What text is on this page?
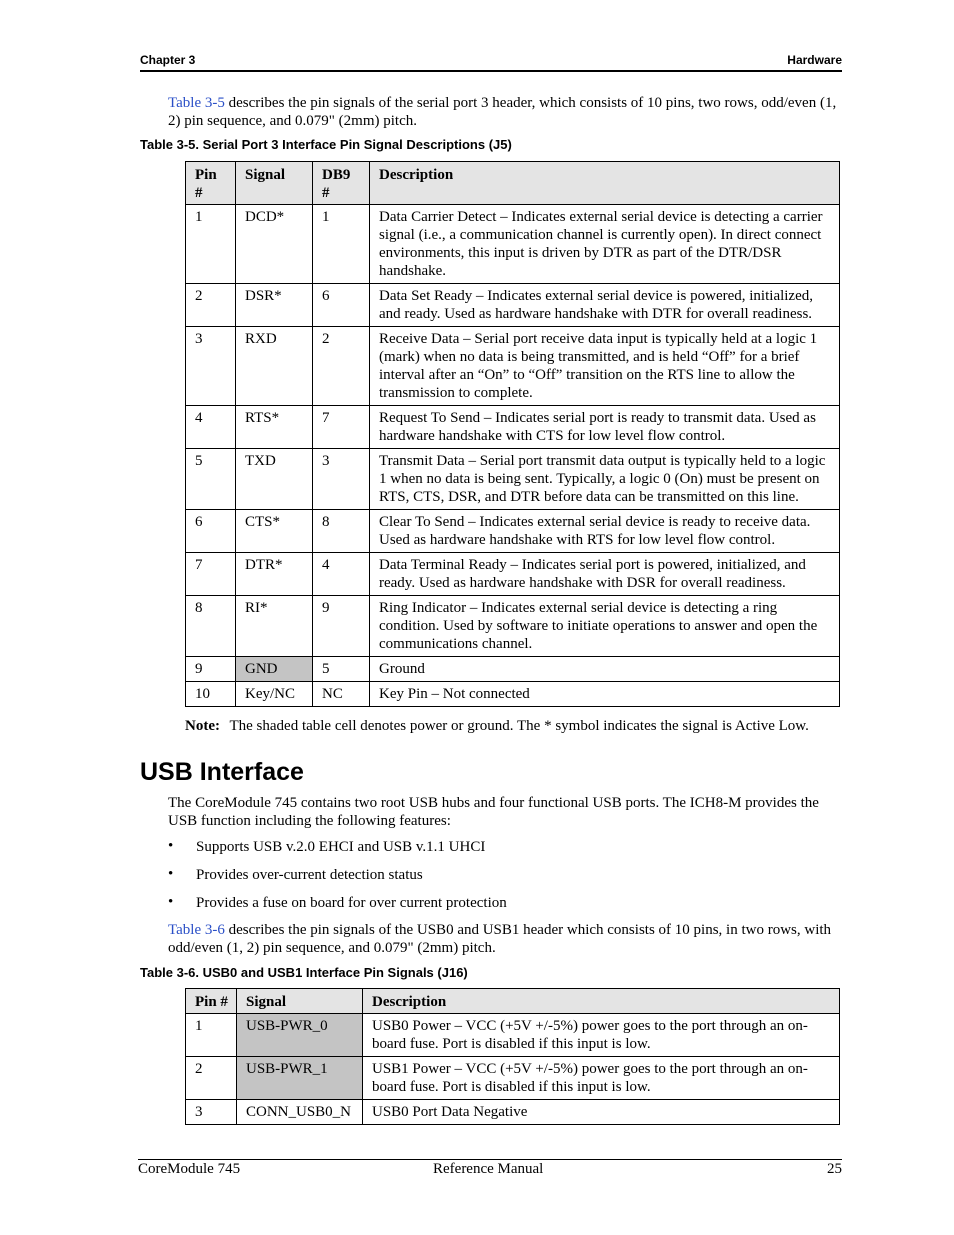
Chapter 3	Hardware

Table 3-5 describes the pin signals of the serial port 3 header, which consists of 10 pins, two rows, odd/even (1, 2) pin sequence, and 0.079" (2mm) pitch.

Table 3-5. Serial Port 3 Interface Pin Signal Descriptions (J5)

Pin #	Signal	DB9 #	Description
1	DCD*	1	Data Carrier Detect – Indicates external serial device is detecting a carrier signal (i.e., a communication channel is currently open). In direct connect environments, this input is driven by DTR as part of the DTR/DSR handshake.
2	DSR*	6	Data Set Ready – Indicates external serial device is powered, initialized, and ready. Used as hardware handshake with DTR for overall readiness.
3	RXD	2	Receive Data – Serial port receive data input is typically held at a logic 1 (mark) when no data is being transmitted, and is held “Off” for a brief interval after an “On” to “Off” transition on the RTS line to allow the transmission to complete.
4	RTS*	7	Request To Send – Indicates serial port is ready to transmit data. Used as hardware handshake with CTS for low level flow control.
5	TXD	3	Transmit Data – Serial port transmit data output is typically held to a logic 1 when no data is being sent. Typically, a logic 0 (On) must be present on RTS, CTS, DSR, and DTR before data can be transmitted on this line.
6	CTS*	8	Clear To Send – Indicates external serial device is ready to receive data. Used as hardware handshake with RTS for low level flow control.
7	DTR*	4	Data Terminal Ready – Indicates serial port is powered, initialized, and ready. Used as hardware handshake with DSR for overall readiness.
8	RI*	9	Ring Indicator – Indicates external serial device is detecting a ring condition. Used by software to initiate operations to answer and open the communications channel.
9	GND	5	Ground
10	Key/NC	NC	Key Pin – Not connected

Note: The shaded table cell denotes power or ground. The * symbol indicates the signal is Active Low.

USB Interface

The CoreModule 745 contains two root USB hubs and four functional USB ports. The ICH8-M provides the USB function including the following features:

• Supports USB v.2.0 EHCI and USB v.1.1 UHCI
• Provides over-current detection status
• Provides a fuse on board for over current protection

Table 3-6 describes the pin signals of the USB0 and USB1 header which consists of 10 pins, in two rows, with odd/even (1, 2) pin sequence, and 0.079" (2mm) pitch.

Table 3-6. USB0 and USB1 Interface Pin Signals (J16)

Pin #	Signal	Description
1	USB-PWR_0	USB0 Power – VCC (+5V +/-5%) power goes to the port through an on-board fuse. Port is disabled if this input is low.
2	USB-PWR_1	USB1 Power – VCC (+5V +/-5%) power goes to the port through an on-board fuse. Port is disabled if this input is low.
3	CONN_USB0_N	USB0 Port Data Negative
CoreModule 745	Reference Manual	25
